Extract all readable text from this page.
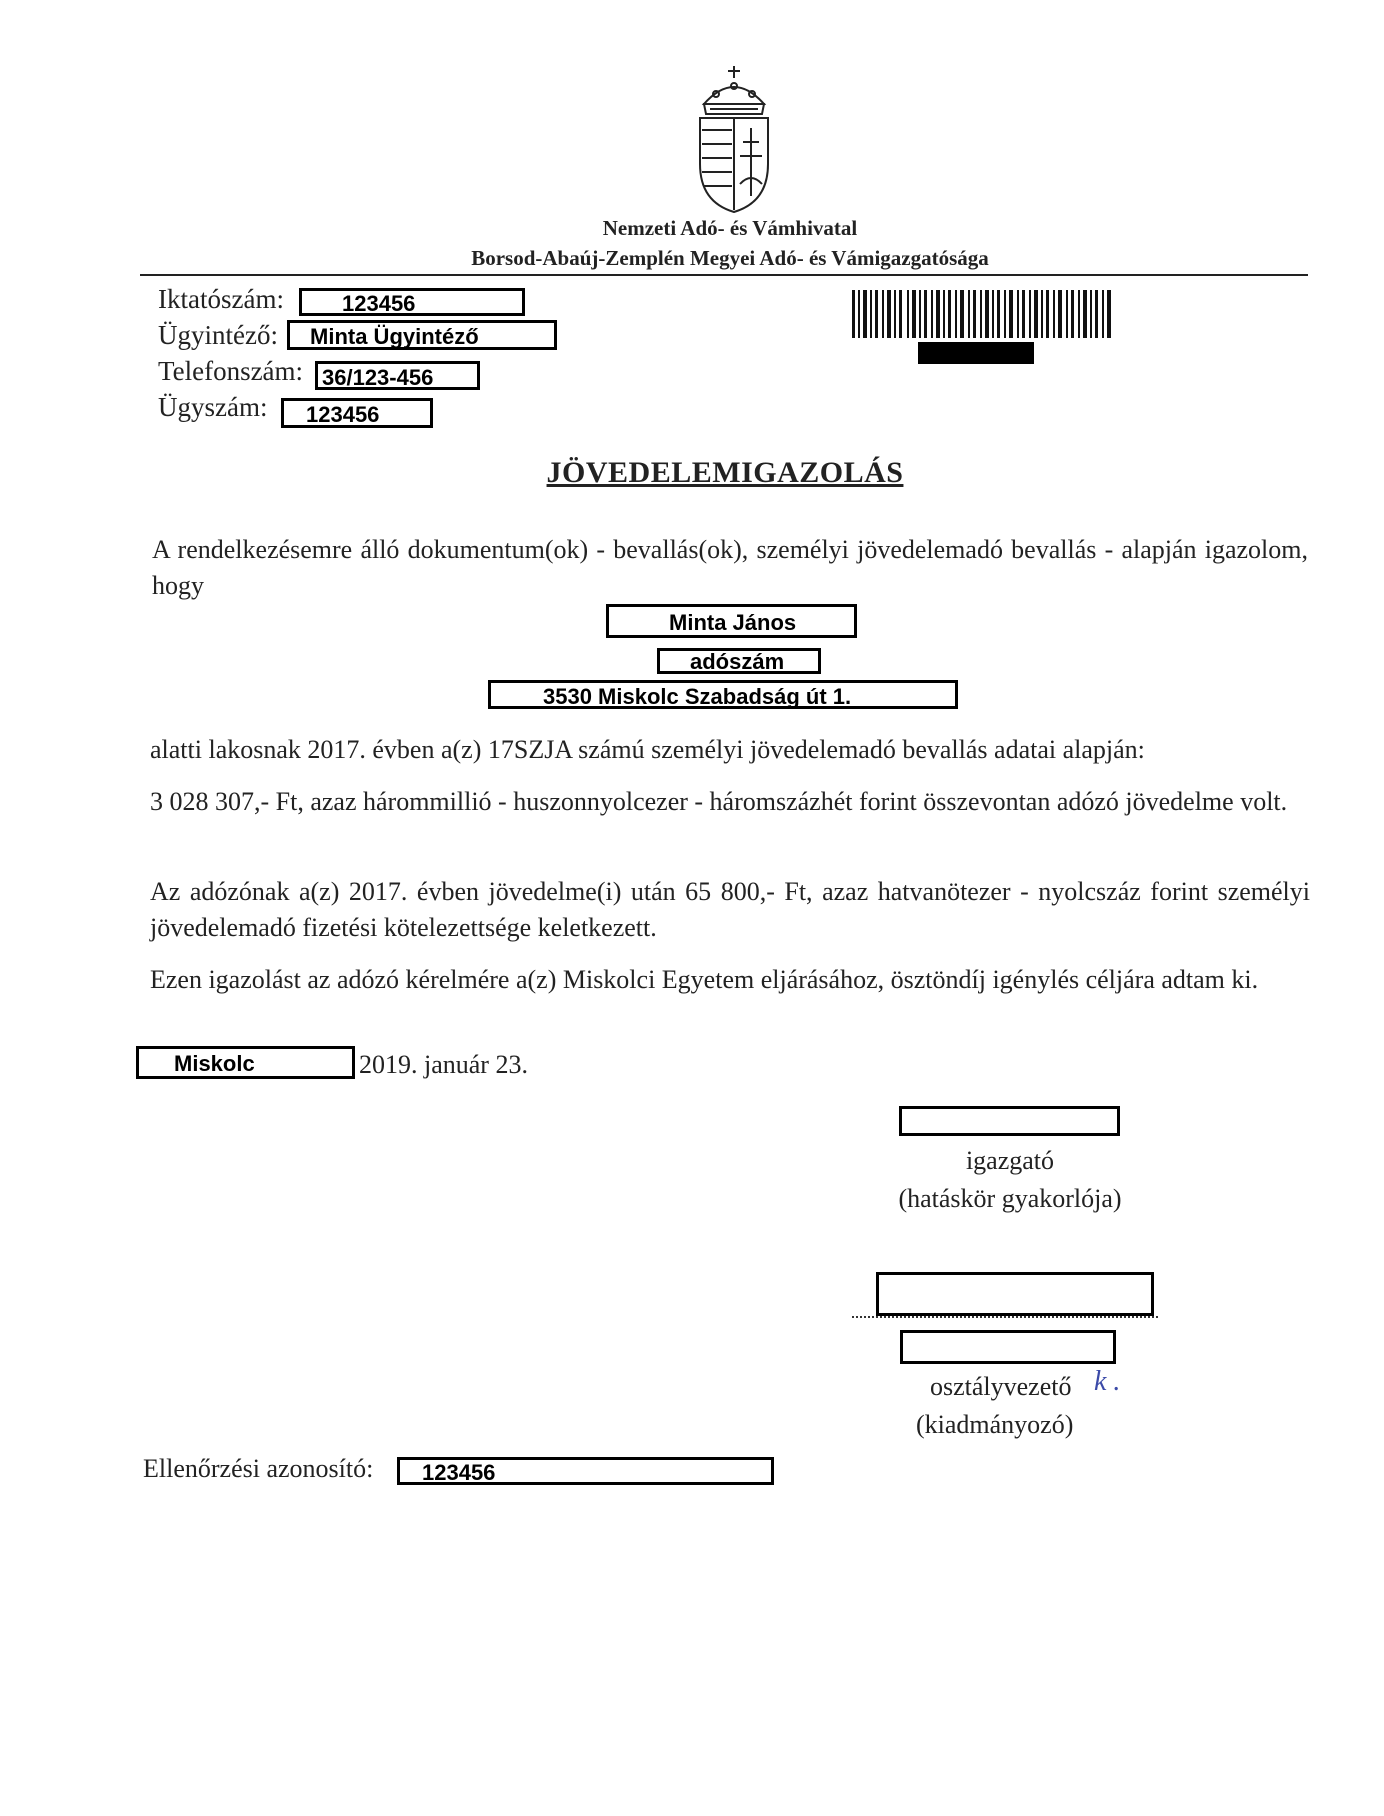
Nemzeti Adó- és Vámhivatal
Borsod-Abaúj-Zemplén Megyei Adó- és Vámigazgatósága
Iktatószám:	123456
Ügyintéző: Minta Ügyintéző
Telefonszám: 36/123-456
Ügyszám: 123456
JÖVEDELEMIGAZOLÁS
A rendelkezésemre álló dokumentum(ok) - bevallás(ok), személyi jövedelemadó bevallás - alapján igazolom, hogy
Minta János
adószám
3530 Miskolc Szabadság út 1.
alatti lakosnak 2017. évben a(z) 17SZJA számú személyi jövedelemadó bevallás adatai alapján:
3 028 307,- Ft, azaz hárommillió - huszonnyolcezer - háromszázhét forint összevontan adózó jövedelme volt.
Az adózónak a(z) 2017. évben jövedelme(i) után 65 800,- Ft, azaz hatvanötezer - nyolcszáz forint személyi jövedelemadó fizetési kötelezettsége keletkezett.
Ezen igazolást az adózó kérelmére a(z) Miskolci Egyetem eljárásához, ösztöndíj igénylés céljára adtam ki.
Miskolc	2019. január 23.
igazgató
(hatáskör gyakorlója)
osztályvezető k .
(kiadmányozó)
Ellenőrzési azonosító: 123456
